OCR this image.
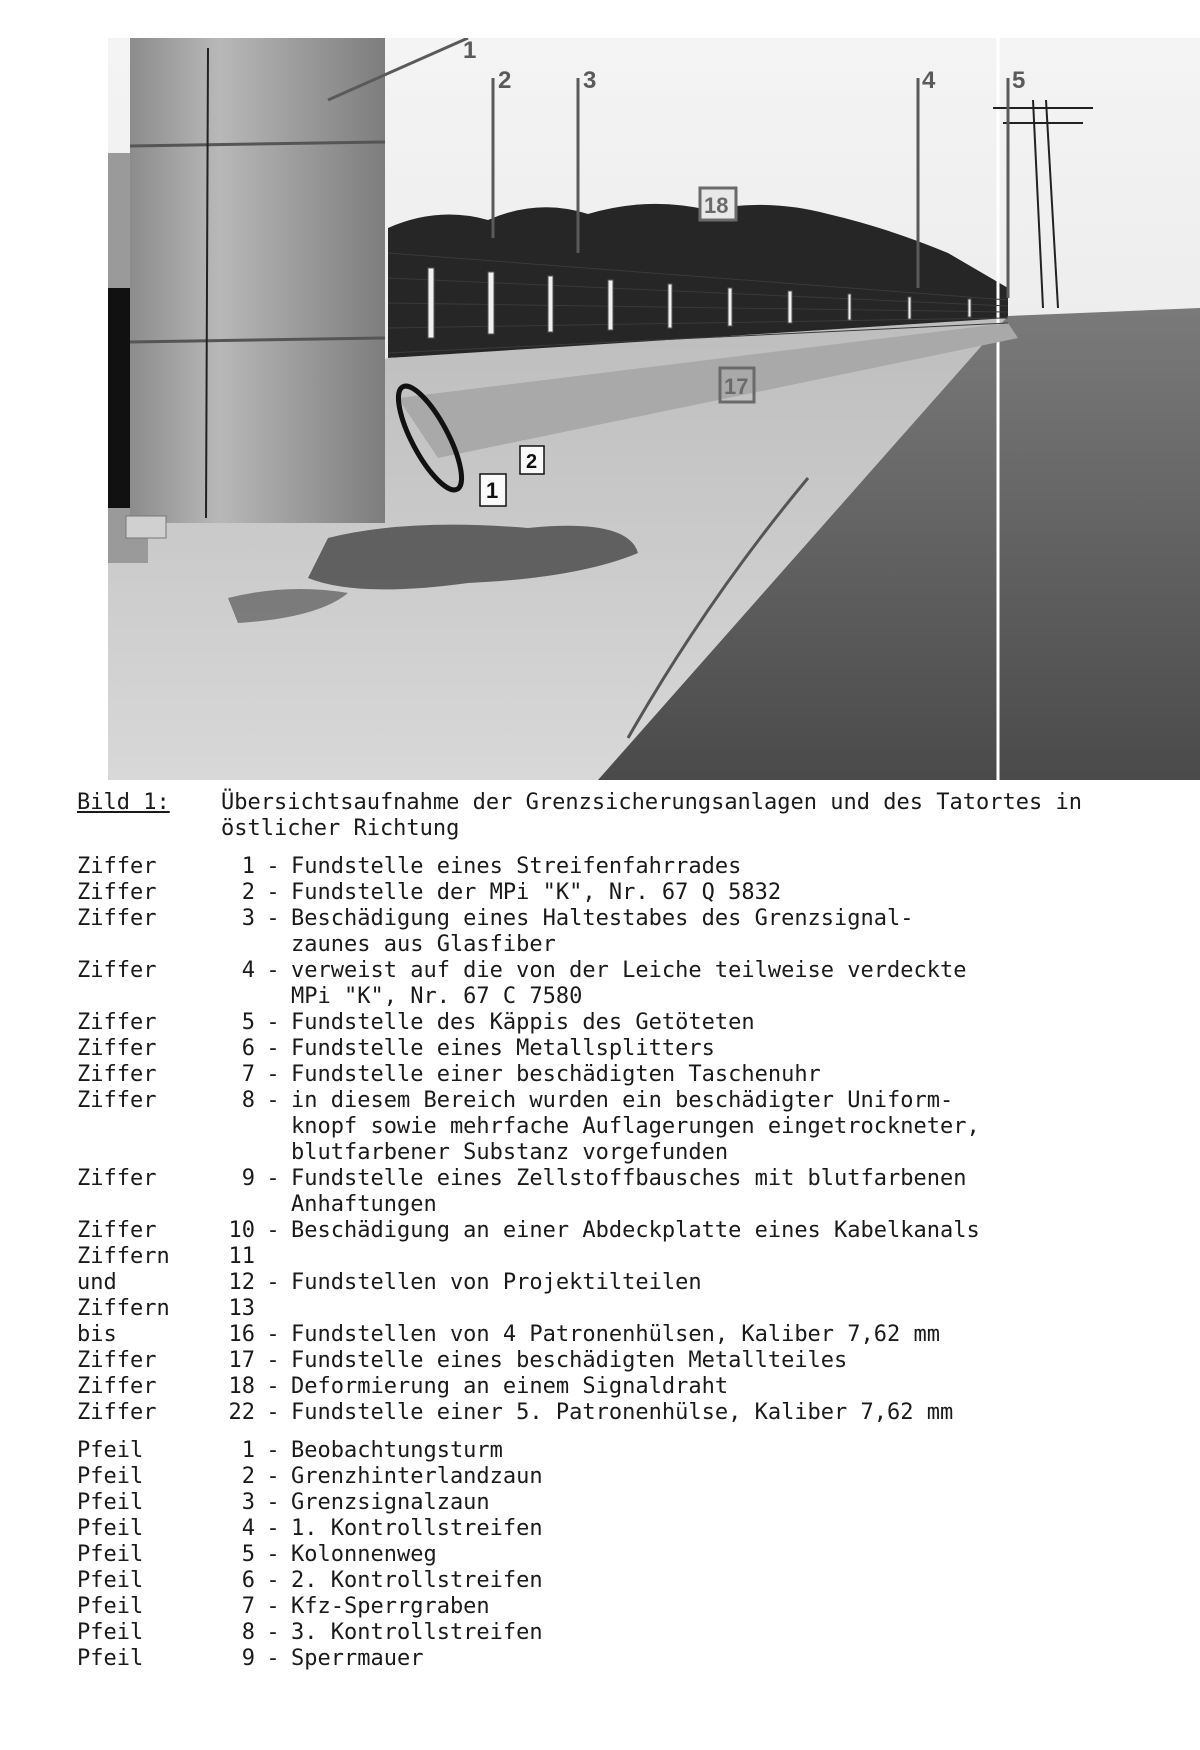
1
2	3	4	5
1
2
17
18
Bild 1:	Übersichtsaufnahme der Grenzsicherungsanlagen und des Tatortes in östlicher Richtung
Ziffer	1 - Fundstelle eines Streifenfahrrades
Ziffer	2 - Fundstelle der MPi "K", Nr. 67 Q 5832
Ziffer	3 - Beschädigung eines Haltestabes des Grenzsignal-
zaunes aus Glasfiber
Ziffer	4 - verweist auf die von der Leiche teilweise verdeckte
MPi "K", Nr. 67 C 7580
Ziffer	5 - Fundstelle des Käppis des Getöteten
Ziffer	6 - Fundstelle eines Metallsplitters
Ziffer	7 - Fundstelle einer beschädigten Taschenuhr
Ziffer	8 - in diesem Bereich wurden ein beschädigter Uniform-
knopf sowie mehrfache Auflagerungen eingetrockneter,
blutfarbener Substanz vorgefunden
Ziffer	9 - Fundstelle eines Zellstoffbausches mit blutfarbenen
Anhaftungen
Ziffer	10 - Beschädigung an einer Abdeckplatte eines Kabelkanals
Ziffern	11
und	12 - Fundstellen von Projektilteilen
Ziffern	13
bis	16 - Fundstellen von 4 Patronenhülsen, Kaliber 7,62 mm
Ziffer	17 - Fundstelle eines beschädigten Metallteiles
Ziffer	18 - Deformierung an einem Signaldraht
Ziffer	22 - Fundstelle einer 5. Patronenhülse, Kaliber 7,62 mm
Pfeil	1 - Beobachtungsturm
Pfeil	2 - Grenzhinterlandzaun
Pfeil	3 - Grenzsignalzaun
Pfeil	4 - 1. Kontrollstreifen
Pfeil	5 - Kolonnenweg
Pfeil	6 - 2. Kontrollstreifen
Pfeil	7 - Kfz-Sperrgraben
Pfeil	8 - 3. Kontrollstreifen
Pfeil	9 - Sperrmauer
